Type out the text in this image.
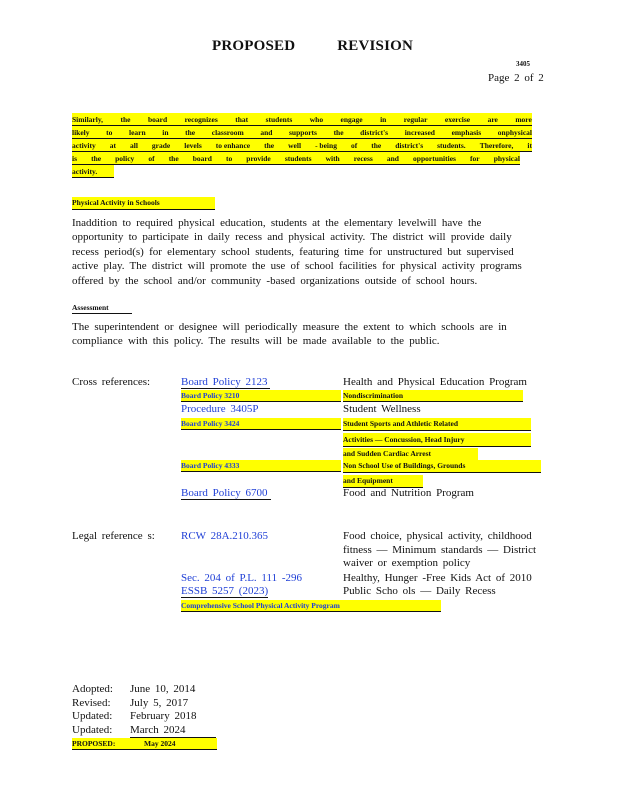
PROPOSED	REVISION
3405
Page 2 of 2
Similarly, the board recognizes that students who engage in regular exercise are more
likely to learn in the classroom and supports the district's increased emphasis onphysical
activity at all grade levels to enhance the well - being of the district's students. Therefore, it
is the policy of the board to provide students with recess and opportunities for physical
activity.
Physical Activity in Schools
Inaddition to required physical education, students at the elementary levelwill have the
opportunity to participate in daily recess and physical activity. The district will provide daily
recess period(s) for elementary school students, featuring time for unstructured but supervised
active play. The district will promote the use of school facilities for physical activity programs
offered by the school and/or community -based organizations outside of school hours.
Assessment
The superintendent or designee will periodically measure the extent to which schools are in
compliance with this policy. The results will be made available to the public.
Cross references:	Board Policy 2123	Health and Physical Education Program
Board Policy 3210	Nondiscrimination
Procedure 3405P	Student Wellness
Board Policy 3424	Student Sports and Athletic Related
Activities — Concussion, Head Injury
and Sudden Cardiac Arrest
Board Policy 4333	Non School Use of Buildings, Grounds
and Equipment
Board Policy 6700	Food and Nutrition Program
Legal reference s: RCW 28A.210.365	Food choice, physical activity, childhood
fitness — Minimum standards — District
waiver or exemption policy
Sec. 204 of P.L. 111 -296	Healthy, Hunger -Free Kids Act of 2010
ESSB 5257 (2023)	Public Scho ols — Daily Recess
Comprehensive School Physical Activity Program
Adopted:	June 10, 2014
Revised:	July 5, 2017
Updated:	February 2018
Updated:	March 2024
PROPOSED:	May 2024
